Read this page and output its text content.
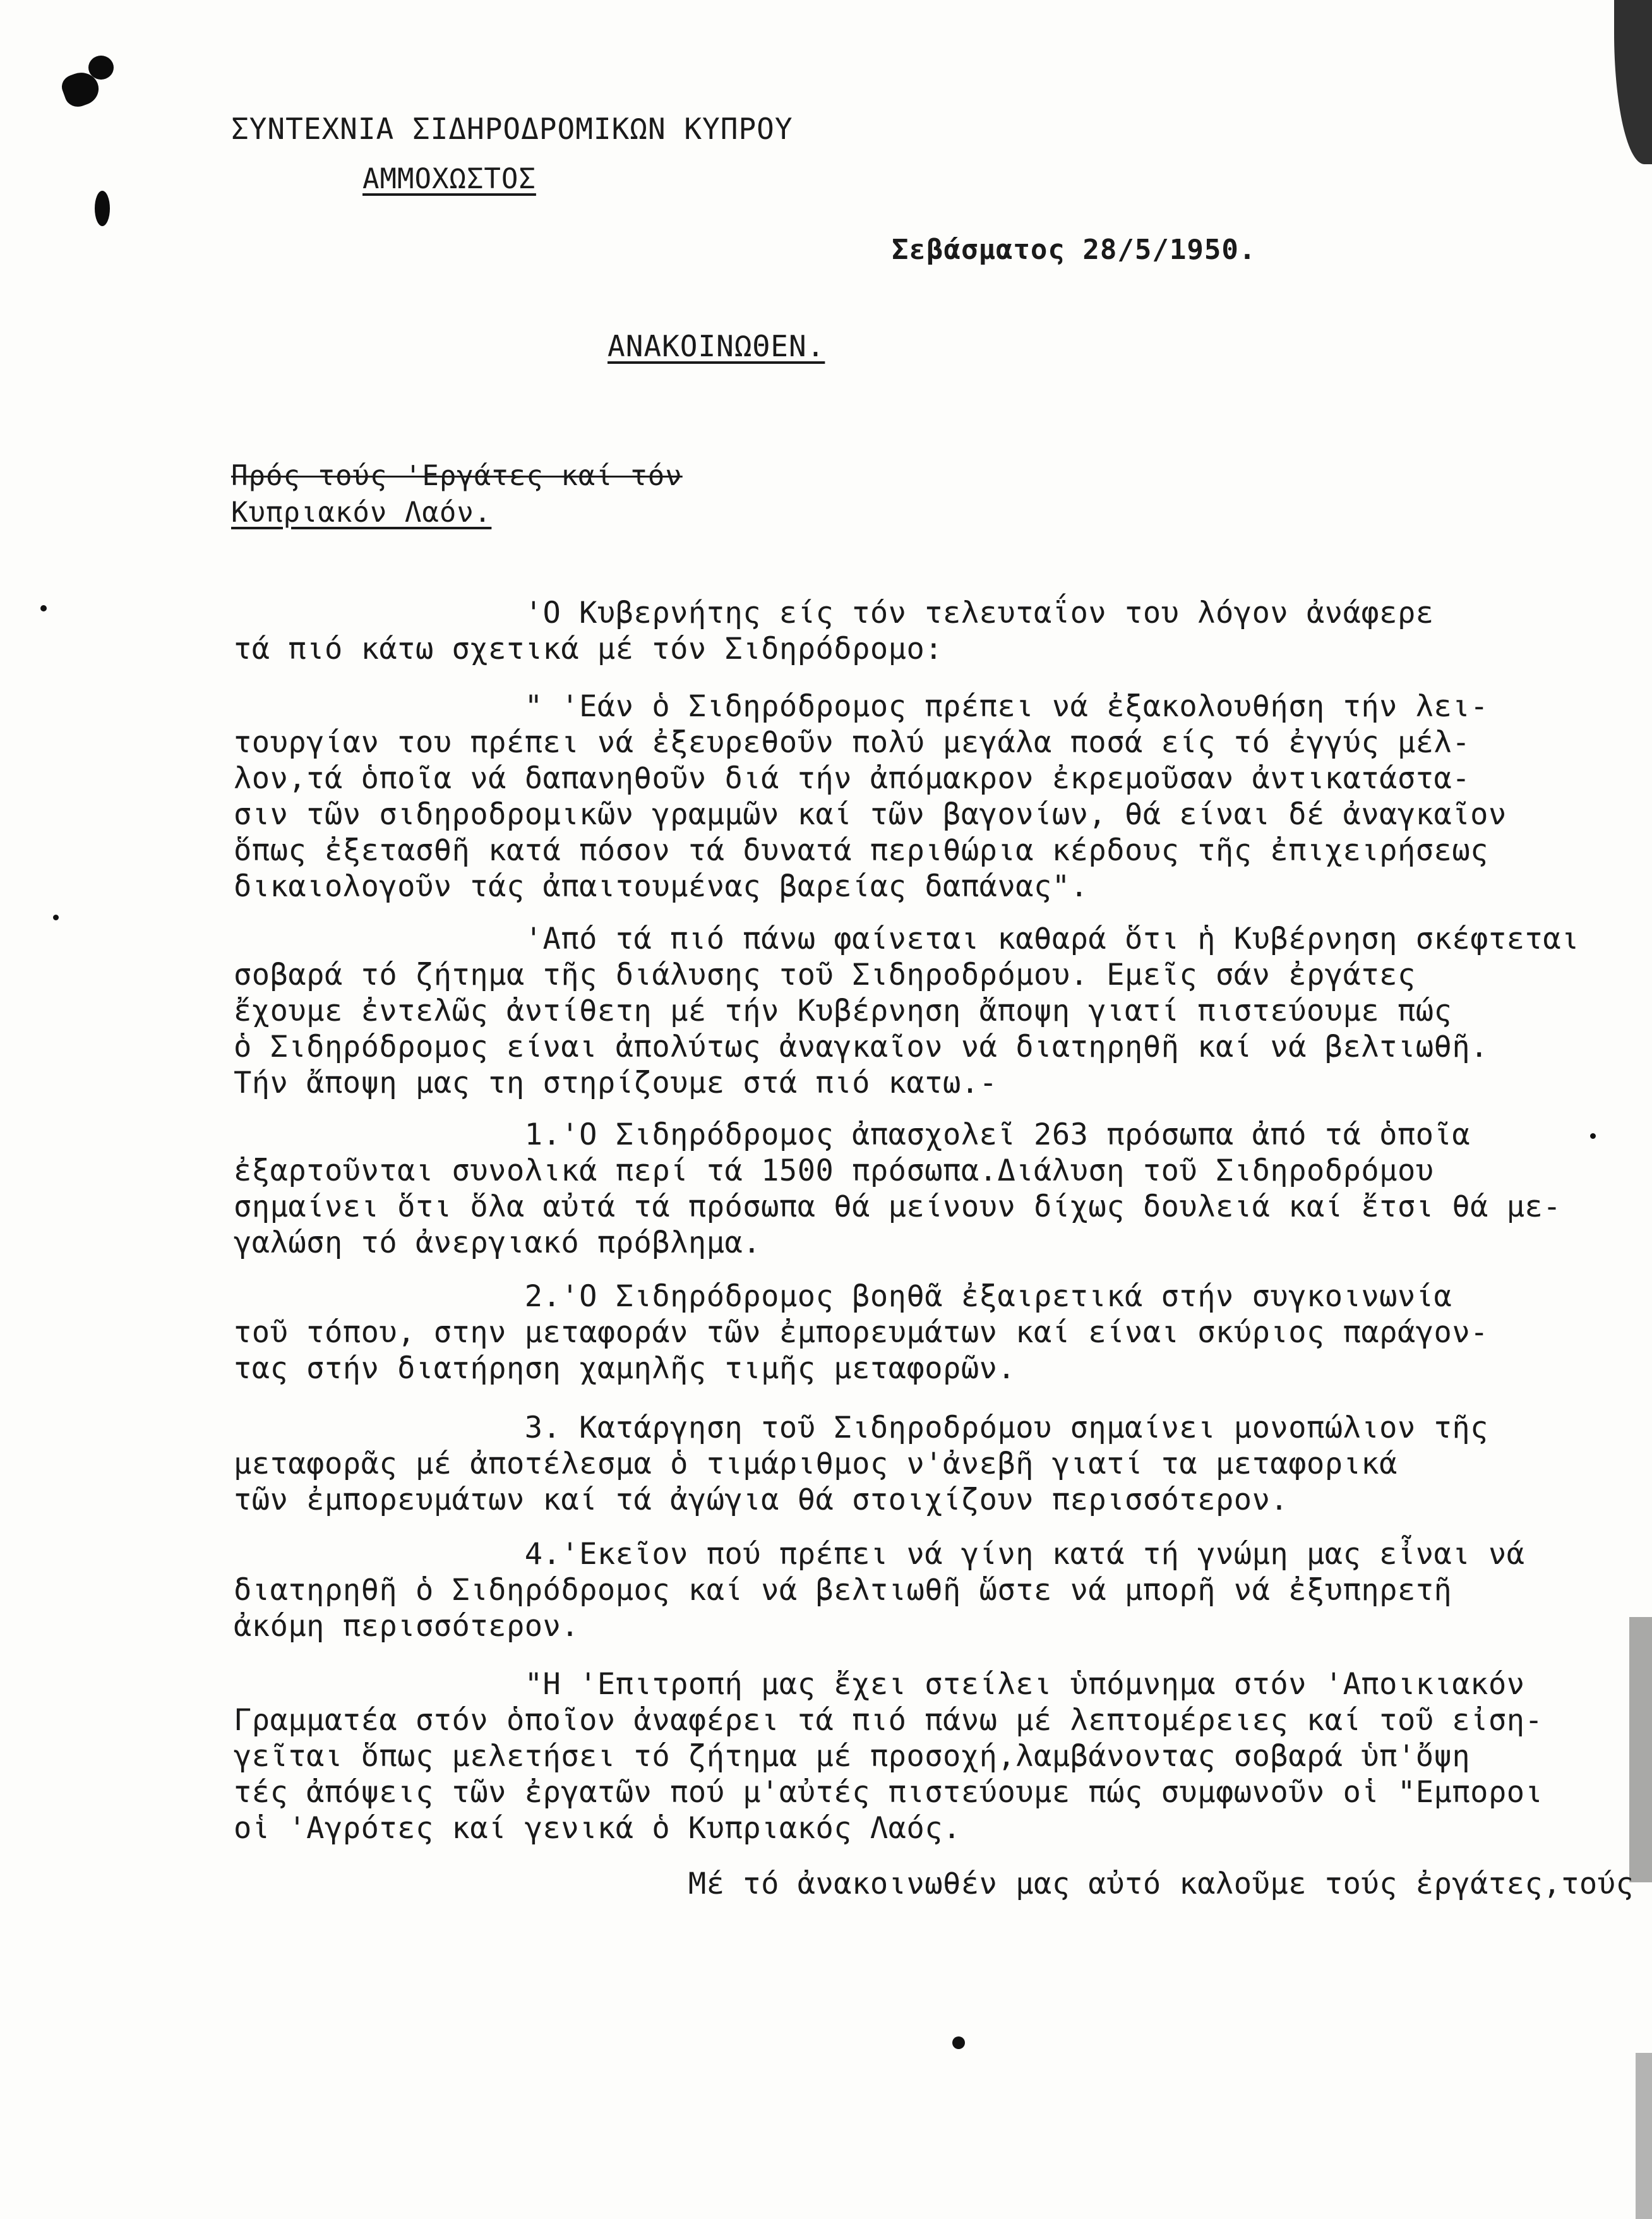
ΣΥΝΤΕΧΝΙΑ ΣΙΔΗΡΟΔΡΟΜΙΚΩΝ ΚΥΠΡΟΥ
ΑΜΜΟΧΩΣΤΟΣ
Σεβάσματος 28/5/1950.
ΑΝΑΚΟΙΝΩΘΕΝ.
Πρός τούς 'Εργάτες καί τόν
Κυπριακόν Λαόν.
'Ο Κυβερνήτης είς τόν τελευταΐον του λόγον ἀνάφερε
τά πιό κάτω σχετικά μέ τόν Σιδηρόδρομο:
" 'Εάν ὁ Σιδηρόδρομος πρέπει νά ἐξακολουθήση τήν λει-
τουργίαν του πρέπει νά ἐξευρεθοῦν πολύ μεγάλα ποσά είς τό ἐγγύς μέλ-
λον,τά ὁποῖα νά δαπανηθοῦν διά τήν ἀπόμακρον ἐκρεμοῦσαν ἀντικατάστα-
σιν τῶν σιδηροδρομικῶν γραμμῶν καί τῶν βαγονίων, θά είναι δέ ἀναγκαῖον
ὅπως ἐξετασθῆ κατά πόσον τά δυνατά περιθώρια κέρδους τῆς ἐπιχειρήσεως
δικαιολογοῦν τάς ἀπαιτουμένας βαρείας δαπάνας".
'Από τά πιό πάνω φαίνεται καθαρά ὅτι ἡ Κυβέρνηση σκέφτεται
σοβαρά τό ζήτημα τῆς διάλυσης τοῦ Σιδηροδρόμου. Εμεῖς σάν ἐργάτες
ἔχουμε ἐντελῶς ἀντίθετη μέ τήν Κυβέρνηση ἄποψη γιατί πιστεύουμε πώς
ὁ Σιδηρόδρομος είναι ἀπολύτως ἀναγκαῖον νά διατηρηθῆ καί νά βελτιωθῆ.
Τήν ἄποψη μας τη στηρίζουμε στά πιό κατω.-
1.'Ο Σιδηρόδρομος ἀπασχολεῖ 263 πρόσωπα ἀπό τά ὁποῖα
ἐξαρτοῦνται συνολικά περί τά 1500 πρόσωπα.Διάλυση τοῦ Σιδηροδρόμου
σημαίνει ὅτι ὅλα αὐτά τά πρόσωπα θά μείνουν δίχως δουλειά καί ἔτσι θά με-
γαλώση τό ἀνεργιακό πρόβλημα.
2.'Ο Σιδηρόδρομος βοηθᾶ ἐξαιρετικά στήν συγκοινωνία
τοῦ τόπου, στην μεταφοράν τῶν ἐμπορευμάτων καί είναι σκύριος παράγον-
τας στήν διατήρηση χαμηλῆς τιμῆς μεταφορῶν.
3. Κατάργηση τοῦ Σιδηροδρόμου σημαίνει μονοπώλιον τῆς
μεταφορᾶς μέ ἀποτέλεσμα ὁ τιμάριθμος ν'ἀνεβῆ γιατί τα μεταφορικά
τῶν ἐμπορευμάτων καί τά ἀγώγια θά στοιχίζουν περισσότερον.
4.'Εκεῖον πού πρέπει νά γίνη κατά τή γνώμη μας εἶναι νά
διατηρηθῆ ὁ Σιδηρόδρομος καί νά βελτιωθῆ ὥστε νά μπορῆ νά ἐξυπηρετῆ
ἀκόμη περισσότερον.
"Η 'Επιτροπή μας ἔχει στείλει ὑπόμνημα στόν 'Αποικιακόν
Γραμματέα στόν ὁποῖον ἀναφέρει τά πιό πάνω μέ λεπτομέρειες καί τοῦ εἰση-
γεῖται ὅπως μελετήσει τό ζήτημα μέ προσοχή,λαμβάνοντας σοβαρά ὑπ'ὄψη
τές ἀπόψεις τῶν ἐργατῶν πού μ'αὐτές πιστεύουμε πώς συμφωνοῦν οἱ "Εμποροι
οἱ 'Αγρότες καί γενικά ὁ Κυπριακός Λαός.
Μέ τό ἀνακοινωθέν μας αὐτό καλοῦμε τούς ἐργάτες,τούς
